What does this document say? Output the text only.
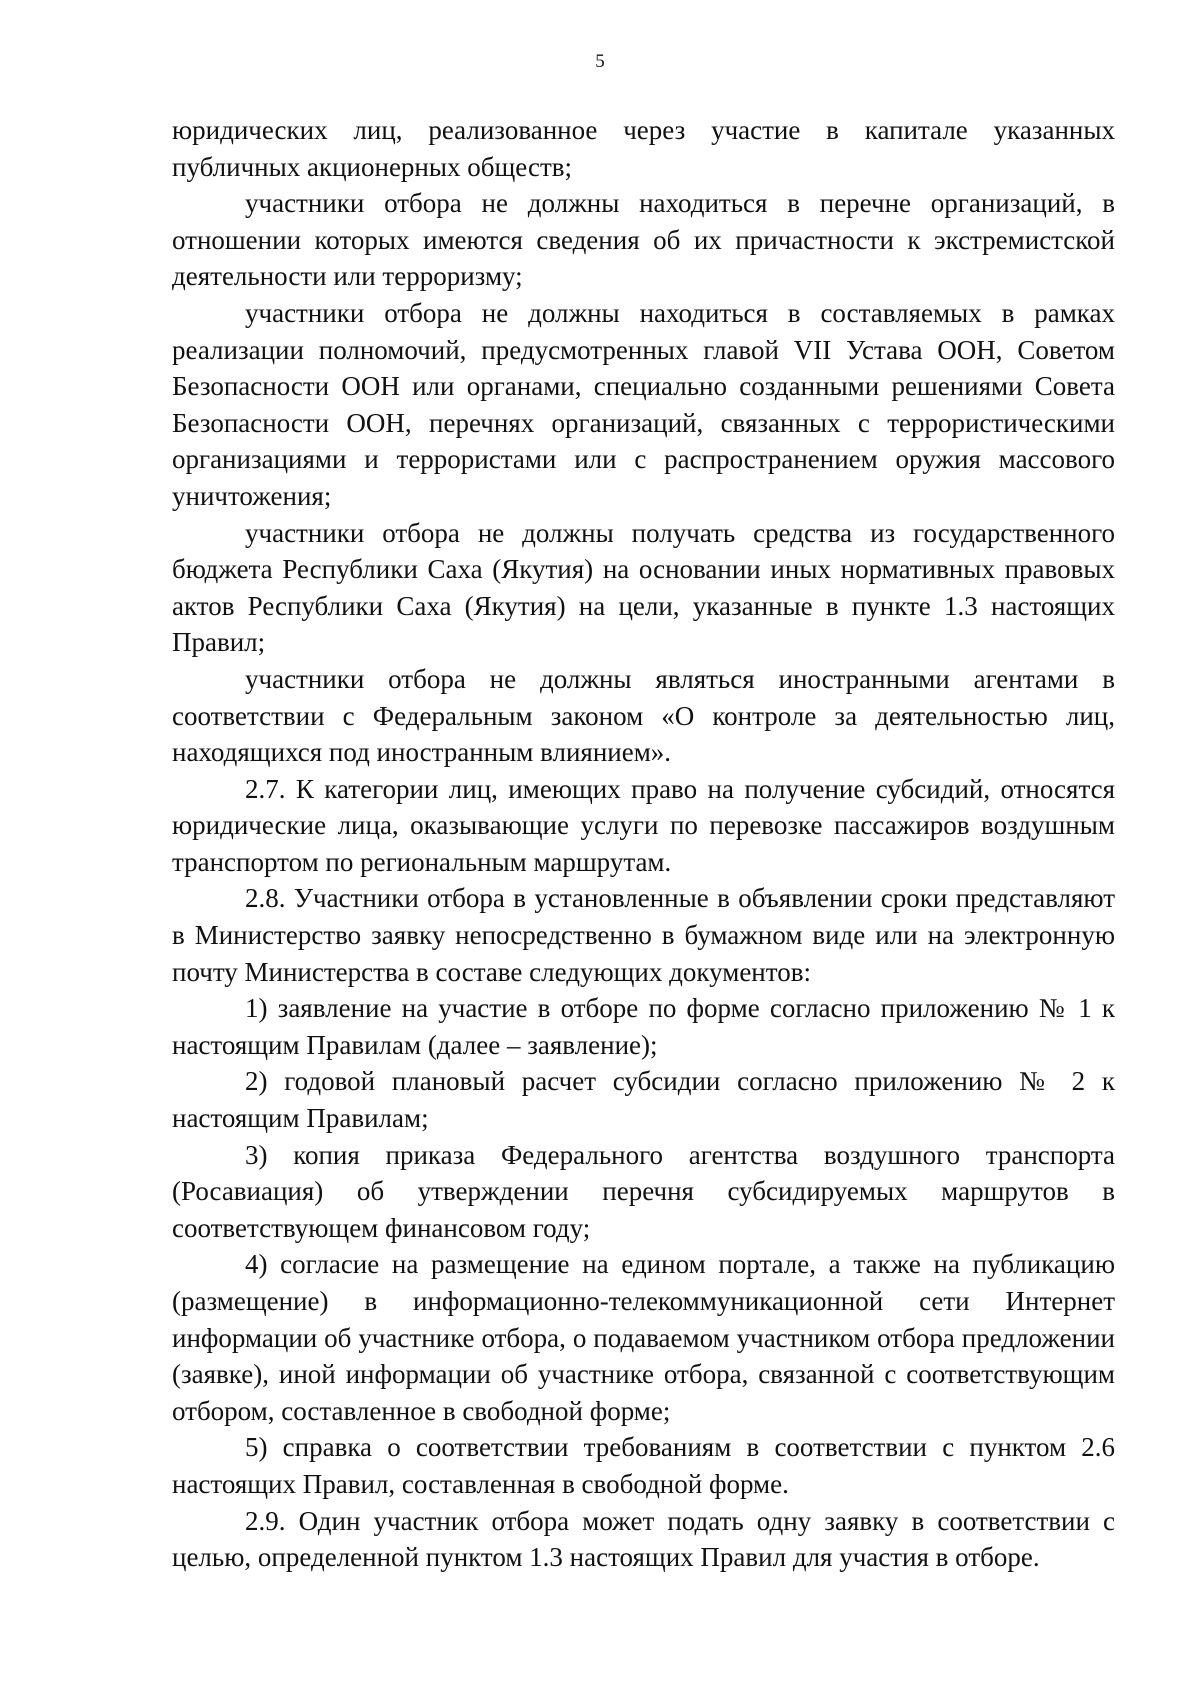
5

юридических лиц, реализованное через участие в капитале указанных публичных акционерных обществ;

участники отбора не должны находиться в перечне организаций, в отношении которых имеются сведения об их причастности к экстремистской деятельности или терроризму;

участники отбора не должны находиться в составляемых в рамках реализации полномочий, предусмотренных главой VII Устава ООН, Советом Безопасности ООН или органами, специально созданными решениями Совета Безопасности ООН, перечнях организаций, связанных с террористическими организациями и террористами или с распространением оружия массового уничтожения;

участники отбора не должны получать средства из государственного бюджета Республики Саха (Якутия) на основании иных нормативных правовых актов Республики Саха (Якутия) на цели, указанные в пункте 1.3 настоящих Правил;

участники отбора не должны являться иностранными агентами в соответствии с Федеральным законом «О контроле за деятельностью лиц, находящихся под иностранным влиянием».

2.7. К категории лиц, имеющих право на получение субсидий, относятся юридические лица, оказывающие услуги по перевозке пассажиров воздушным транспортом по региональным маршрутам.

2.8. Участники отбора в установленные в объявлении сроки представляют в Министерство заявку непосредственно в бумажном виде или на электронную почту Министерства в составе следующих документов:

1) заявление на участие в отборе по форме согласно приложению № 1 к настоящим Правилам (далее – заявление);

2) годовой плановый расчет субсидии согласно приложению № 2 к настоящим Правилам;

3) копия приказа Федерального агентства воздушного транспорта (Росавиация) об утверждении перечня субсидируемых маршрутов в соответствующем финансовом году;

4) согласие на размещение на едином портале, а также на публикацию (размещение) в информационно-телекоммуникационной сети Интернет информации об участнике отбора, о подаваемом участником отбора предложении (заявке), иной информации об участнике отбора, связанной с соответствующим отбором, составленное в свободной форме;

5) справка о соответствии требованиям в соответствии с пунктом 2.6 настоящих Правил, составленная в свободной форме.

2.9. Один участник отбора может подать одну заявку в соответствии с целью, определенной пунктом 1.3 настоящих Правил для участия в отборе.
